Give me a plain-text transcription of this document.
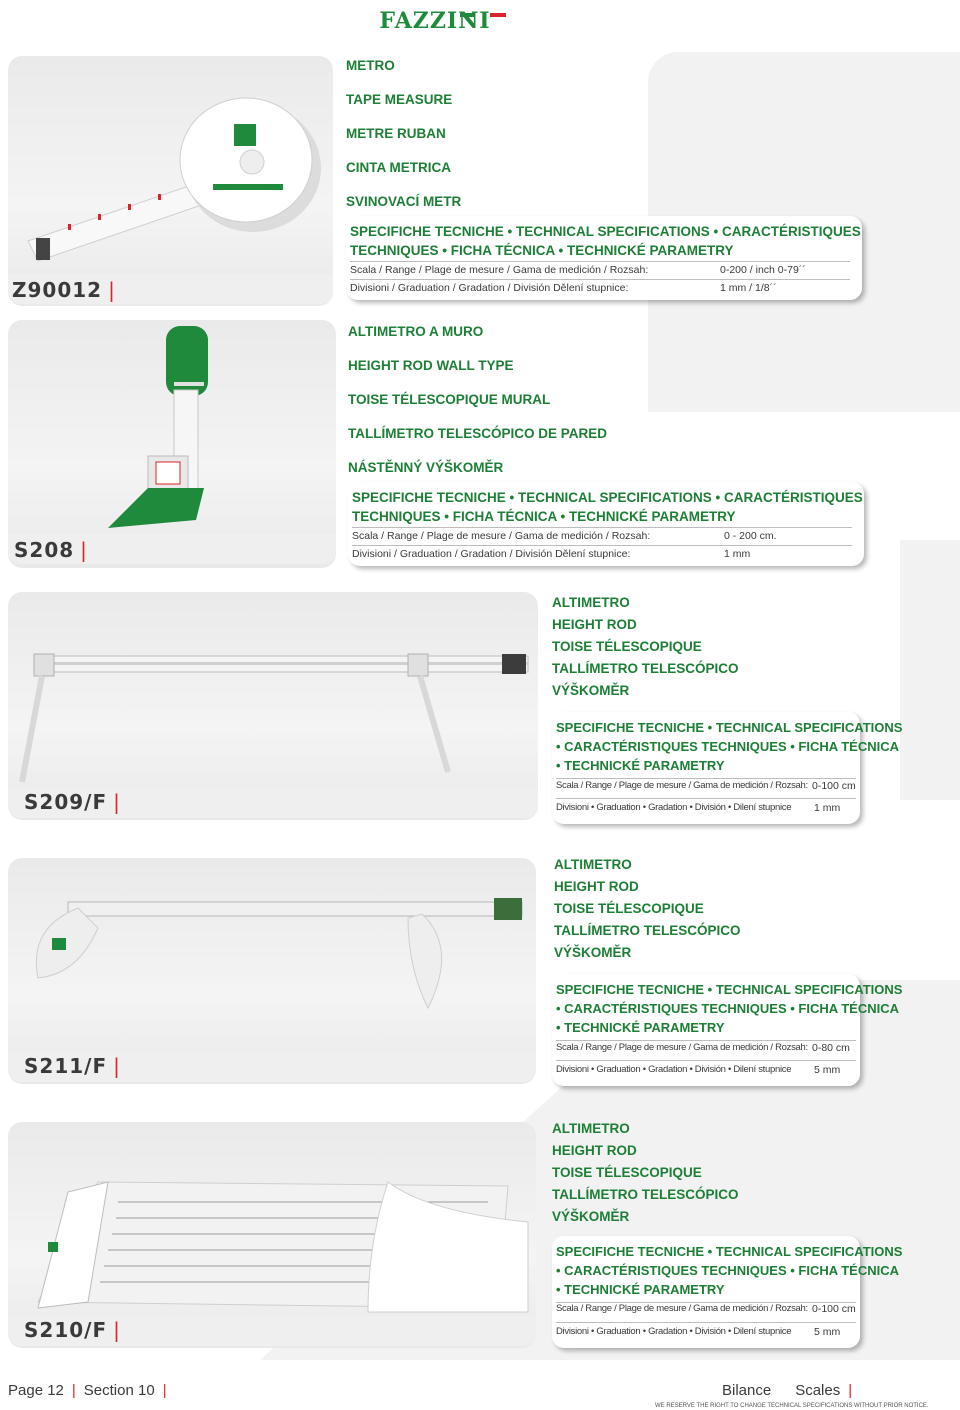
FAZZINI
Z90012 |
METRO
TAPE MEASURE
METRE RUBAN
CINTA METRICA
SVINOVACÍ METR
SPECIFICHE TECNICHE • TECHNICAL SPECIFICATIONS • CARACTÉRISTIQUES
TECHNIQUES • FICHA TÉCNICA • TECHNICKÉ PARAMETRY
Scala / Range / Plage de mesure / Gama de medición / Rozsah:	0-200 / inch 0-79´´
Divisioni / Graduation / Gradation / División Dělení stupnice:	1 mm / 1/8´´
S208 |
ALTIMETRO A MURO
HEIGHT ROD WALL TYPE
TOISE TÉLESCOPIQUE MURAL
TALLÍMETRO TELESCÓPICO DE PARED
NÁSTĚNNÝ VÝŠKOMĚR
SPECIFICHE TECNICHE • TECHNICAL SPECIFICATIONS • CARACTÉRISTIQUES
TECHNIQUES • FICHA TÉCNICA • TECHNICKÉ PARAMETRY
Scala / Range / Plage de mesure / Gama de medición / Rozsah:	0 - 200 cm.
Divisioni / Graduation / Gradation / División Dělení stupnice:	1 mm
S209/F |
ALTIMETRO
HEIGHT ROD
TOISE TÉLESCOPIQUE
TALLÍMETRO TELESCÓPICO
VÝŠKOMĚR
SPECIFICHE TECNICHE • TECHNICAL SPECIFICATIONS
• CARACTÉRISTIQUES TECHNIQUES • FICHA TÉCNICA
• TECHNICKÉ PARAMETRY
Scala / Range / Plage de mesure / Gama de medición / Rozsah: 0-100 cm
Divisioni • Graduation • Gradation • División • Dilení stupnice 1 mm
S211/F |
ALTIMETRO
HEIGHT ROD
TOISE TÉLESCOPIQUE
TALLÍMETRO TELESCÓPICO
VÝŠKOMĚR
SPECIFICHE TECNICHE • TECHNICAL SPECIFICATIONS
• CARACTÉRISTIQUES TECHNIQUES • FICHA TÉCNICA
• TECHNICKÉ PARAMETRY
Scala / Range / Plage de mesure / Gama de medición / Rozsah: 0-80 cm
Divisioni • Graduation • Gradation • División • Dilení stupnice 5 mm
S210/F |
ALTIMETRO
HEIGHT ROD
TOISE TÉLESCOPIQUE
TALLÍMETRO TELESCÓPICO
VÝŠKOMĚR
SPECIFICHE TECNICHE • TECHNICAL SPECIFICATIONS
• CARACTÉRISTIQUES TECHNIQUES • FICHA TÉCNICA
• TECHNICKÉ PARAMETRY
Scala / Range / Plage de mesure / Gama de medición / Rozsah: 0-100 cm
Divisioni • Graduation • Gradation • División • Dilení stupnice 5 mm
Page 12 | Section 10 |	Bilance Scales |
WE RESERVE THE RIGHT TO CHANGE TECHNICAL SPECIFICATIONS WITHOUT PRIOR NOTICE.
